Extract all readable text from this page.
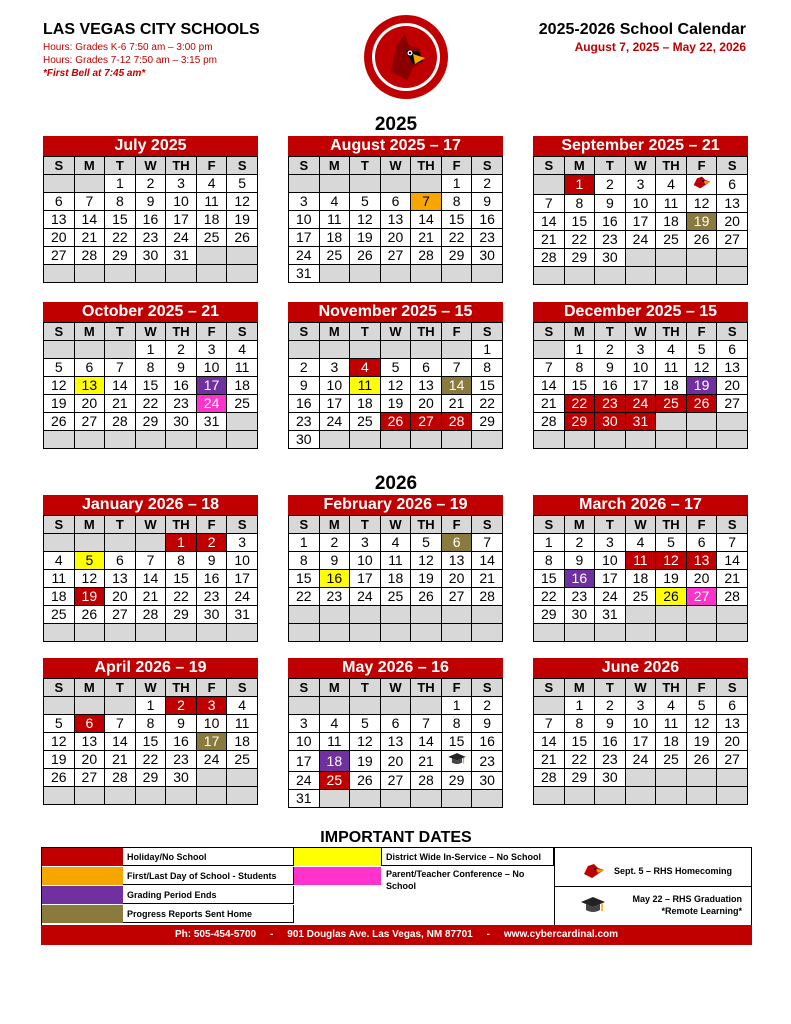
LAS VEGAS CITY SCHOOLS
Hours: Grades K-6 7:50 am – 3:00 pm
Hours: Grades 7-12 7:50 am – 3:15 pm
*First Bell at 7:45 am*
2025-2026 School Calendar
August 7, 2025 – May 22, 2026
2025
2026
July 2025
S	M	T	W	TH	F	S
		1	2	3	4	5
6	7	8	9	10	11	12
13	14	15	16	17	18	19
20	21	22	23	24	25	26
27	28	29	30	31		

August 2025 – 17
S	M	T	W	TH	F	S
					1	2
3	4	5	6	7	8	9
10	11	12	13	14	15	16
17	18	19	20	21	22	23
24	25	26	27	28	29	30
31						
September 2025 – 21
S	M	T	W	TH	F	S
	1	2	3	4		6
7	8	9	10	11	12	13
14	15	16	17	18	19	20
21	22	23	24	25	26	27
28	29	30				

October 2025 – 21
S	M	T	W	TH	F	S
			1	2	3	4
5	6	7	8	9	10	11
12	13	14	15	16	17	18
19	20	21	22	23	24	25
26	27	28	29	30	31	

November 2025 – 15
S	M	T	W	TH	F	S
						1
2	3	4	5	6	7	8
9	10	11	12	13	14	15
16	17	18	19	20	21	22
23	24	25	26	27	28	29
30						
December 2025 – 15
S	M	T	W	TH	F	S
	1	2	3	4	5	6
7	8	9	10	11	12	13
14	15	16	17	18	19	20
21	22	23	24	25	26	27
28	29	30	31			

January 2026 – 18
S	M	T	W	TH	F	S
				1	2	3
4	5	6	7	8	9	10
11	12	13	14	15	16	17
18	19	20	21	22	23	24
25	26	27	28	29	30	31

February 2026 – 19
S	M	T	W	TH	F	S
1	2	3	4	5	6	7
8	9	10	11	12	13	14
15	16	17	18	19	20	21
22	23	24	25	26	27	28

March 2026 – 17
S	M	T	W	TH	F	S
1	2	3	4	5	6	7
8	9	10	11	12	13	14
15	16	17	18	19	20	21
22	23	24	25	26	27	28
29	30	31				

April 2026 – 19
S	M	T	W	TH	F	S
			1	2	3	4
5	6	7	8	9	10	11
12	13	14	15	16	17	18
19	20	21	22	23	24	25
26	27	28	29	30		

May 2026 – 16
S	M	T	W	TH	F	S
					1	2
3	4	5	6	7	8	9
10	11	12	13	14	15	16
17	18	19	20	21		23
24	25	26	27	28	29	30
31						
June 2026
S	M	T	W	TH	F	S
	1	2	3	4	5	6
7	8	9	10	11	12	13
14	15	16	17	18	19	20
21	22	23	24	25	26	27
28	29	30				

IMPORTANT DATES
Holiday/No School
First/Last Day of School - Students
Grading Period Ends
Progress Reports Sent Home
District Wide In-Service – No School
Parent/Teacher Conference – No School
Sept. 5 – RHS Homecoming
May 22 – RHS Graduation
*Remote Learning*
Ph: 505-454-5700 - 901 Douglas Ave. Las Vegas, NM 87701 - www.cybercardinal.com
